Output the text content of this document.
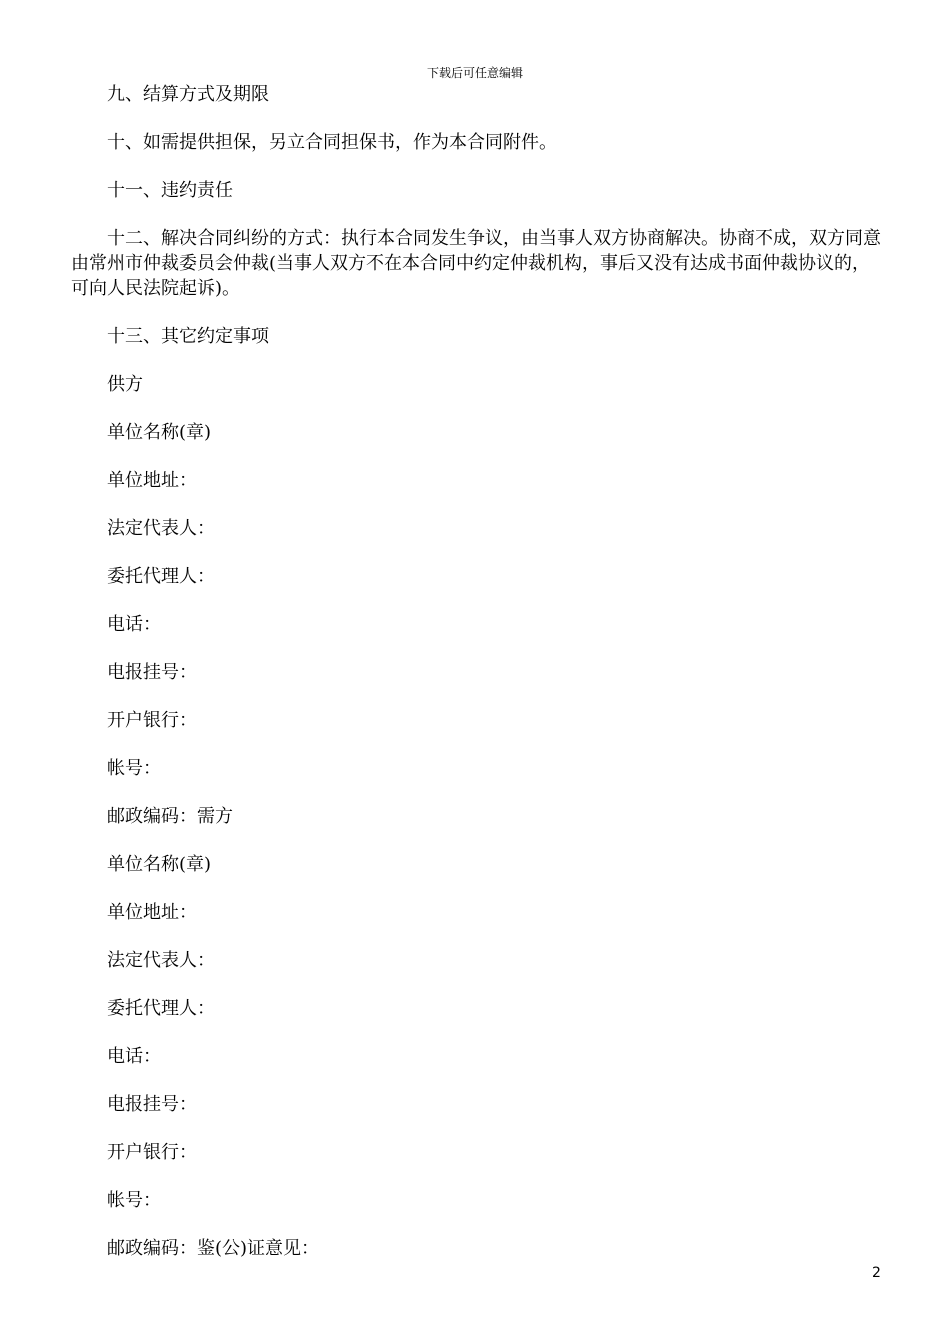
下载后可任意编辑

九、结算方式及期限

十、如需提供担保，另立合同担保书，作为本合同附件。

十一、违约责任

十二、解决合同纠纷的方式：执行本合同发生争议，由当事人双方协商解决。协商不成，双方同意由常州市仲裁委员会仲裁(当事人双方不在本合同中约定仲裁机构，事后又没有达成书面仲裁协议的，可向人民法院起诉)。

十三、其它约定事项

供方

单位名称(章)

单位地址：

法定代表人：

委托代理人：

电话：

电报挂号：

开户银行：

帐号：

邮政编码：需方

单位名称(章)

单位地址：

法定代表人：

委托代理人：

电话：

电报挂号：

开户银行：

帐号：

邮政编码：鉴(公)证意见：

2
